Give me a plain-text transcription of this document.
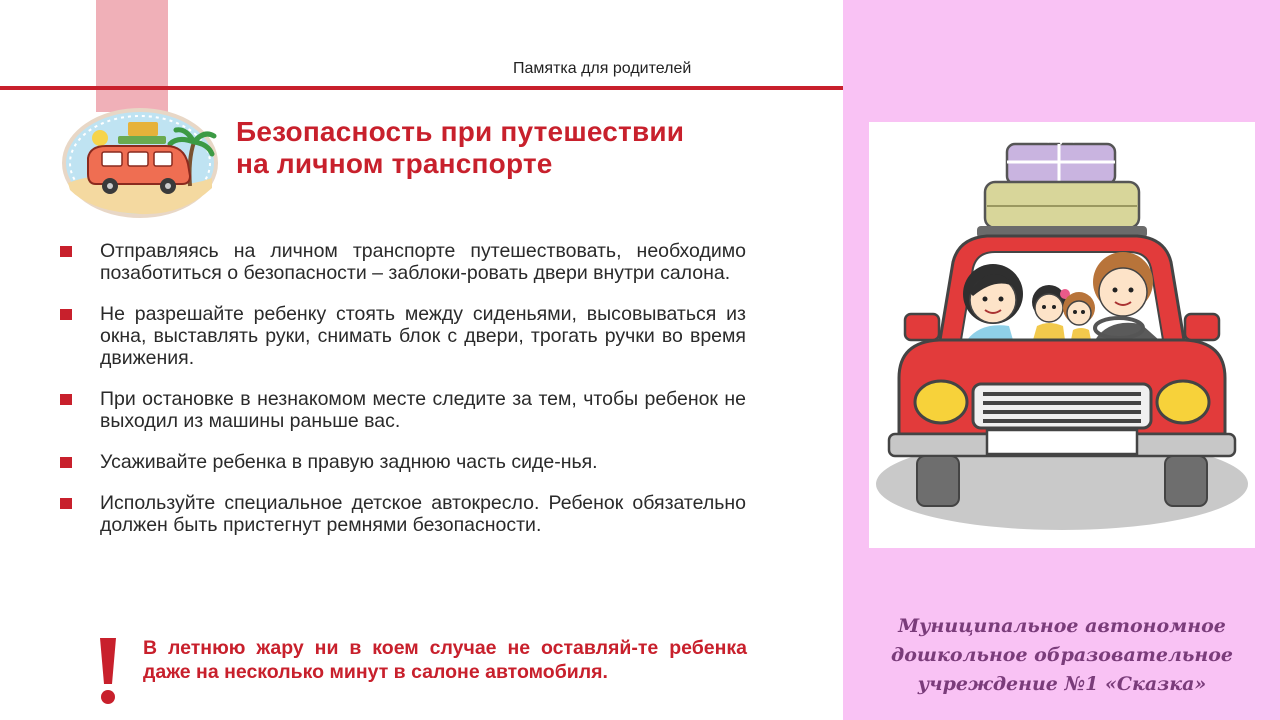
Памятка для родителей
Безопасность при путешествии
на личном транспорте
Отправляясь на личном транспорте путешествовать, необходимо позаботиться о безопасности – заблоки-ровать двери внутри салона.
Не разрешайте ребенку стоять между сиденьями, высовываться из окна, выставлять руки, снимать блок с двери, трогать ручки во время движения.
При остановке в незнакомом месте следите за тем, чтобы ребенок не выходил из машины раньше вас.
Усаживайте ребенка в правую заднюю часть сиде-нья.
Используйте специальное детское автокресло. Ребенок обязательно должен быть пристегнут ремнями безопасности.

В летнюю жару ни в коем случае не оставляй-те ребенка даже на несколько минут в салоне автомобиля.

Муниципальное автономное
дошкольное образовательное
учреждение №1 «Сказка»
